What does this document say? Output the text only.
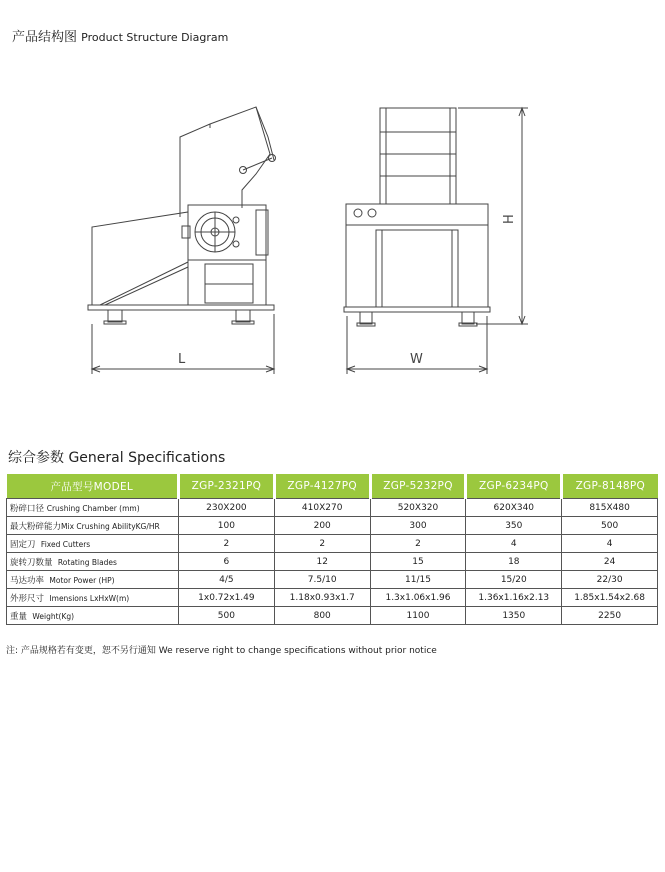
产品结构图 Product Structure Diagram
L	W
H
综合参数 General Specifications
产品型号MODEL	ZGP-2321PQ	ZGP-4127PQ	ZGP-5232PQ	ZGP-6234PQ	ZGP-8148PQ
粉碎口径 Crushing Chamber (mm)	230X200	410X270	520X320	620X340	815X480
最大粉碎能力Mix Crushing AbilityKG/HR	100	200	300	350	500
固定刀 Fixed Cutters	2	2	2	4	4
旋转刀数量 Rotating Blades	6	12	15	18	24
马达功率 Motor Power (HP)	4/5	7.5/10	11/15	15/20	22/30
外形尺寸 Imensions LxHxW(m)	1x0.72x1.49	1.18x0.93x1.7	1.3x1.06x1.96	1.36x1.16x2.13	1.85x1.54x2.68
重量 Weight(Kg)	500	800	1100	1350	2250
注: 产品规格若有变更，恕不另行通知 We reserve right to change specifications without prior notice
